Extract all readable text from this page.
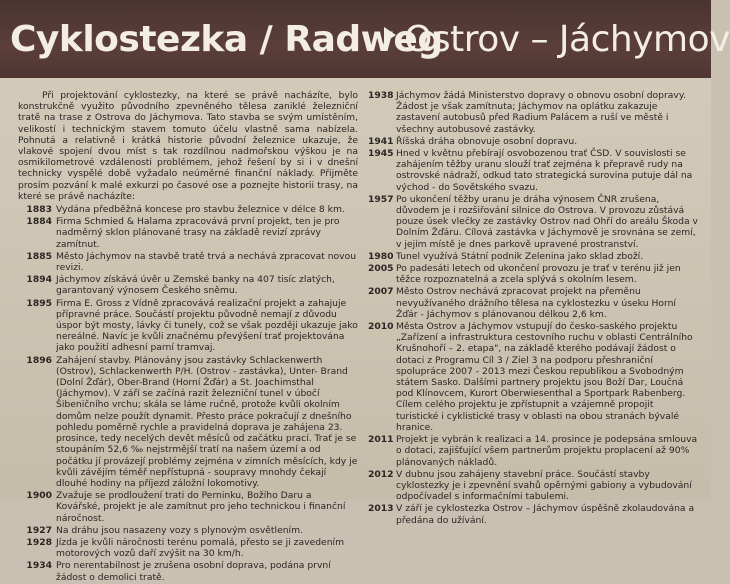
Cyklostezka / Radweg
Ostrov – Jáchymov

Při projektování cyklostezky, na které se právě nacházíte, bylo konstrukčně využito původního zpevněného tělesa zaniklé železniční tratě na trase z Ostrova do Jáchymova. Tato stavba se svým umístěním, velikostí i technickým stavem tomuto účelu vlastně sama nabízela. Pohnutá a relativně i krátká historie původní železnice ukazuje, že vlakové spojení dvou míst s tak rozdílnou nadmořskou výškou je na osmikilometrové vzdálenosti problémem, jehož řešení by si i v dnešní technicky vyspělé době vyžadalo neúměrné finanční náklady. Přijměte prosím pozvání k malé exkurzi po časové ose a poznejte historii trasy, na které se právě nacházíte:

1883 Vydána předběžná koncese pro stavbu železnice v délce 8 km.
1884 Firma Schmied & Halama zpracovává první projekt, ten je pro nadměrný sklon plánované trasy na základě revizí zprávy zamítnut.
1885 Město Jáchymov na stavbě tratě trvá a nechává zpracovat novou revizi.
1894 Jáchymov získává úvěr u Zemské banky na 407 tisíc zlatých, garantovaný výnosem Českého sněmu.
1895 Firma E. Gross z Vídně zpracovává realizační projekt a zahajuje přípravné práce. Součástí projektu původně nemají z důvodu úspor být mosty, lávky či tunely, což se však později ukazuje jako nereálné. Navíc je kvůli značnému převýšení trať projektována jako použití adhesní parní tramvaj.
1896 Zahájení stavby. Plánovány jsou zastávky Schlackenwerth (Ostrov), Schlackenwerth P/H. (Ostrov - zastávka), Unter- Brand (Dolní Žďár), Ober-Brand (Horní Žďár) a St. Joachimsthal (Jáchymov). V září se začíná razit železniční tunel v úbočí Šibeničního vrchu; skála se láme ručně, protože kvůli okolním domům nelze použít dynamit. Přesto práce pokračují z dnešního pohledu poměrně rychle a pravidelná doprava je zahájena 23. prosince, tedy necelých devět měsíců od začátku prací. Trať je se stoupáním 52,6 ‰ nejstrmější tratí na našem území a od počátku jí provázejí problémy zejména v zimních měsících, kdy je kvůli závějím téměř nepřístupná - soupravy mnohdy čekají dlouhé hodiny na příjezd záložní lokomotivy.
1900 Zvažuje se prodloužení trati do Perninku, Božího Daru a Kovářské, projekt je ale zamítnut pro jeho technickou i finanční náročnost.
1927 Na dráhu jsou nasazeny vozy s plynovým osvětlením.
1928 Jízda je kvůli náročnosti terénu pomalá, přesto se ji zavedením motorových vozů daří zvýšit na 30 km/h.
1934 Pro nerentabilnost je zrušena osobní doprava, podána první žádost o demolici tratě.
1938 Jáchymov žádá Ministerstvo dopravy o obnovu osobní dopravy. Žádost je však zamítnuta; Jáchymov na oplátku zakazuje zastavení autobusů před Radium Palácem a ruší ve městě i všechny autobusové zastávky.
1941 Říšská dráha obnovuje osobní dopravu.
1945 Hned v květnu přebírají osvobozenou trať ČSD. V souvislosti se zahájením těžby uranu slouží trať zejména k přepravě rudy na ostrovské nádraží, odkud tato strategická surovina putuje dál na východ - do Sovětského svazu.
1957 Po ukončení těžby uranu je dráha výnosem ČNR zrušena, důvodem je i rozšiřování silnice do Ostrova. V provozu zůstává pouze úsek vlečky ze zastávky Ostrov nad Ohří do areálu Škoda v Dolním Žďáru. Cílová zastávka v Jáchymově je srovnána se zemí, v jejím místě je dnes parkově upravené prostranství.
1980 Tunel využívá Státní podnik Zelenina jako sklad zboží.
2005 Po padesáti letech od ukončení provozu je trať v terénu již jen těžce rozpoznatelná a zcela splývá s okolním lesem.
2007 Město Ostrov nechává zpracovat projekt na přeměnu nevyužívaného drážního tělesa na cyklostezku v úseku Horní Žďár - Jáchymov s plánovanou délkou 2,6 km.
2010 Města Ostrov a Jáchymov vstupují do česko-saského projektu „Zařízení a infrastruktura cestovního ruchu v oblasti Centrálního Krušnohoří – 2. etapa", na základě kterého podávají žádost o dotaci z Programu Cíl 3 / Ziel 3 na podporu přeshraniční spolupráce 2007 - 2013 mezi Českou republikou a Svobodným státem Sasko. Dalšími partnery projektu jsou Boží Dar, Loučná pod Klínovcem, Kurort Oberwiesenthal a Sportpark Rabenberg. Cílem celého projektu je zpřístupnit a vzájemně propojit turistické i cyklistické trasy v oblasti na obou stranách bývalé hranice.
2011 Projekt je vybrán k realizaci a 14. prosince je podepsána smlouva o dotaci, zajišťující všem partnerům projektu proplacení až 90% plánovaných nákladů.
2012 V dubnu jsou zahájeny stavební práce. Součástí stavby cyklostezky je i zpevnění svahů opěrnými gabiony a vybudování odpočívadel s informačními tabulemi.
2013 V září je cyklostezka Ostrov – Jáchymov úspěšně zkolaudována a předána do užívání.
